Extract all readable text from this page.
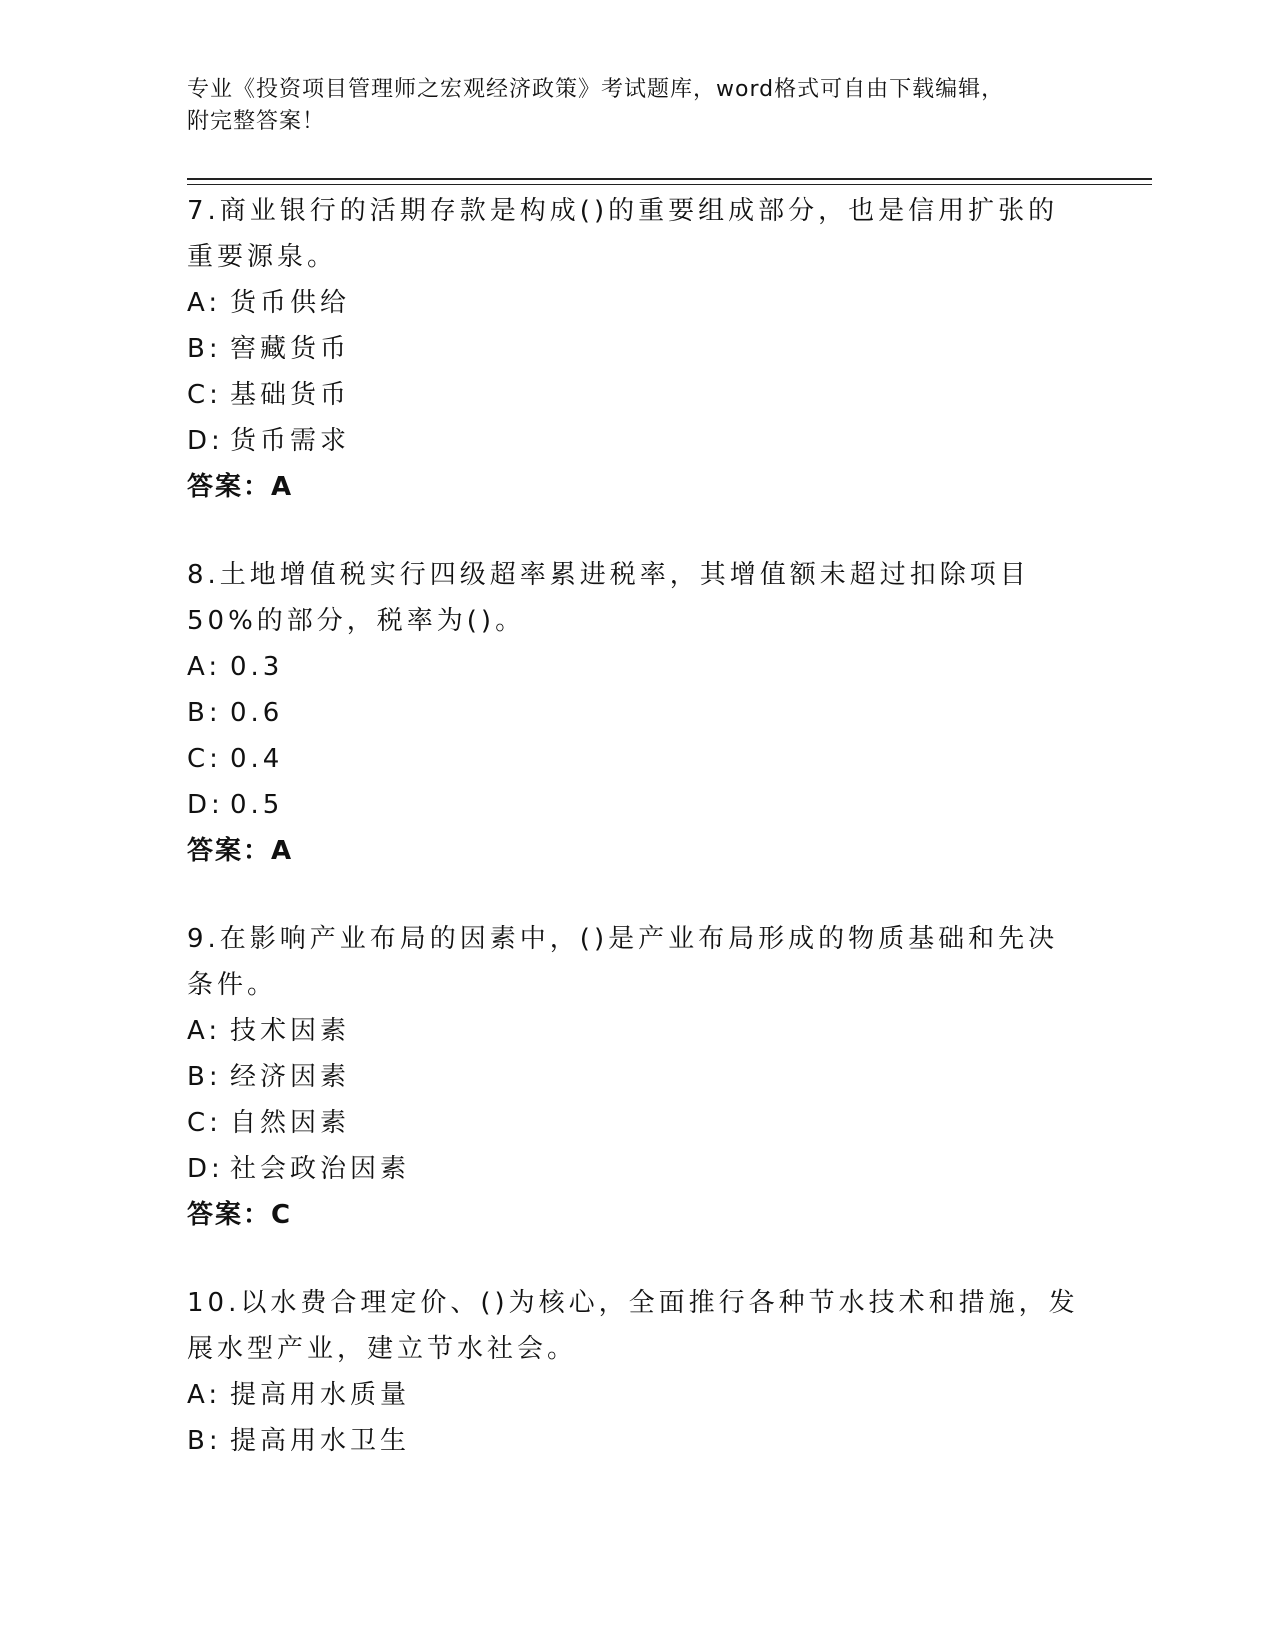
专业《投资项目管理师之宏观经济政策》考试题库，word格式可自由下载编辑，
附完整答案！

7.商业银行的活期存款是构成()的重要组成部分，也是信用扩张的重要源泉。

A: 货币供给

B: 窖藏货币

C: 基础货币

D: 货币需求

答案：A

8.土地增值税实行四级超率累进税率，其增值额未超过扣除项目50%的部分，税率为()。

A: 0.3

B: 0.6

C: 0.4

D: 0.5

答案：A

9.在影响产业布局的因素中，()是产业布局形成的物质基础和先决条件。

A: 技术因素

B: 经济因素

C: 自然因素

D: 社会政治因素

答案：C

10.以水费合理定价、()为核心，全面推行各种节水技术和措施，发展水型产业，建立节水社会。

A: 提高用水质量

B: 提高用水卫生
